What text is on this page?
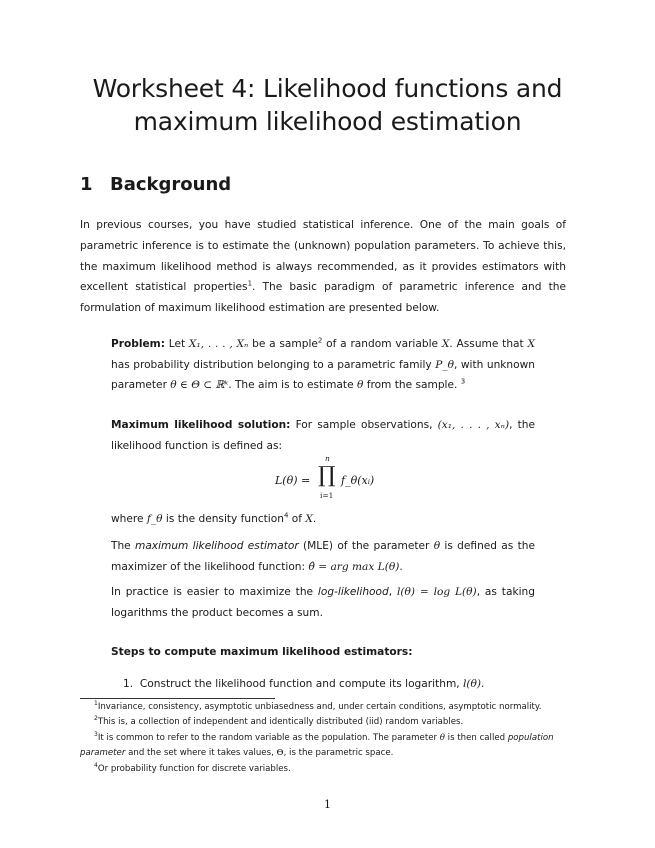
Worksheet 4: Likelihood functions and
maximum likelihood estimation
1 Background

In previous courses, you have studied statistical inference. One of the main goals of parametric inference is to estimate the (unknown) population parameters. To achieve this, the maximum likelihood method is always recommended, as it provides estimators with excellent statistical properties$^1$. The basic paradigm of parametric inference and the formulation of maximum likelihood estimation are presented below.

Problem: Let X₁, . . . , Xₙ be a sample$^2$ of a random variable X. Assume that X has probability distribution belonging to a parametric family P_θ, with unknown parameter θ ∈ Θ ⊂ ℝᵏ. The aim is to estimate θ from the sample. $^3$

Maximum likelihood solution: For sample observations, (x₁, . . . , xₙ), the likelihood function is defined as:

L(θ) =
n
∏
i=1
f_θ(xᵢ)

where f_θ is the density function$^4$ of X.

The maximum likelihood estimator (MLE) of the parameter θ is defined as the maximizer of the likelihood function: θ̂ = arg max L(θ).

In practice is easier to maximize the log-likelihood, l(θ) = log L(θ), as taking logarithms the product becomes a sum.

Steps to compute maximum likelihood estimators:

1. Construct the likelihood function and compute its logarithm, l(θ).
$^1$Invariance, consistency, asymptotic unbiasedness and, under certain conditions, asymptotic normality.
$^2$This is, a collection of independent and identically distributed (iid) random variables.
$^3$It is common to refer to the random variable as the population. The parameter θ is then called population parameter and the set where it takes values, Θ, is the parametric space.
$^4$Or probability function for discrete variables.
1
